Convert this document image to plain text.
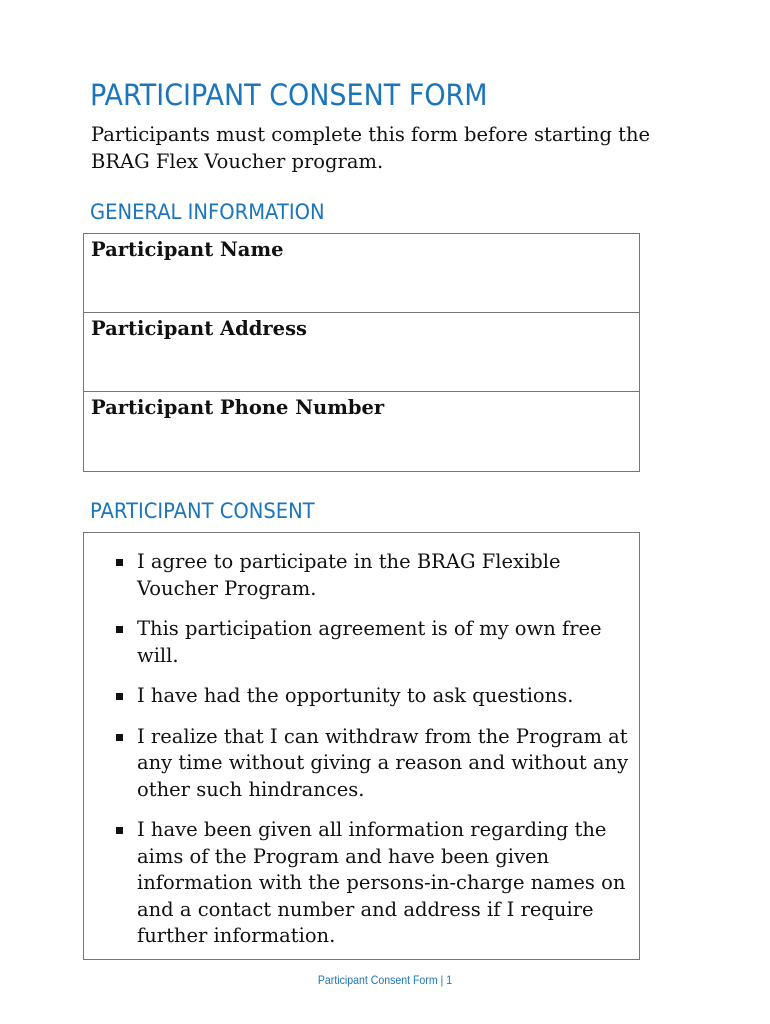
PARTICIPANT CONSENT FORM

Participants must complete this form before starting the BRAG Flex Voucher program.

GENERAL INFORMATION
Participant Name
Participant Address
Participant Phone Number
PARTICIPANT CONSENT
I agree to participate in the BRAG Flexible Voucher Program.
This participation agreement is of my own free will.
I have had the opportunity to ask questions.
I realize that I can withdraw from the Program at any time without giving a reason and without any other such hindrances.
I have been given all information regarding the aims of the Program and have been given information with the persons-in-charge names on and a contact number and address if I require further information.
Participant Consent Form | 1
